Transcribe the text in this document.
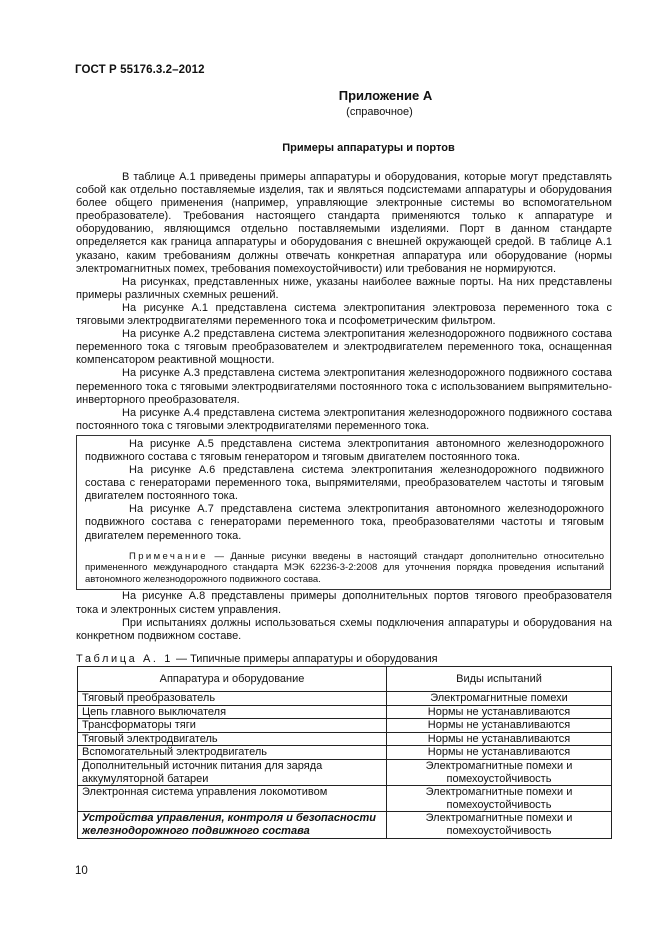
ГОСТ Р 55176.3.2–2012
Приложение А
(справочное)
Примеры аппаратуры и портов

В таблице А.1 приведены примеры аппаратуры и оборудования, которые могут представлять собой как отдельно поставляемые изделия, так и являться подсистемами аппаратуры и оборудования более общего применения (например, управляющие электронные системы во вспомогательном преобразователе). Требования настоящего стандарта применяются только к аппаратуре и оборудованию, являющимся отдельно поставляемыми изделиями. Порт в данном стандарте определяется как граница аппаратуры и оборудования с внешней окружающей средой. В таблице А.1 указано, каким требованиям должны отвечать конкретная аппаратура или оборудование (нормы электромагнитных помех, требования помехоустойчивости) или требования не нормируются.

На рисунках, представленных ниже, указаны наиболее важные порты. На них представлены примеры различных схемных решений.

На рисунке А.1 представлена система электропитания электровоза переменного тока с тяговыми электродвигателями переменного тока и псофометрическим фильтром.

На рисунке А.2 представлена система электропитания железнодорожного подвижного состава переменного тока с тяговым преобразователем и электродвигателем переменного тока, оснащенная компенсатором реактивной мощности.

На рисунке А.3 представлена система электропитания железнодорожного подвижного состава переменного тока с тяговыми электродвигателями постоянного тока с использованием выпрямительно- инверторного преобразователя.

На рисунке А.4 представлена система электропитания железнодорожного подвижного состава постоянного тока с тяговыми электродвигателями переменного тока.

На рисунке А.5 представлена система электропитания автономного железнодорожного подвижного состава с тяговым генератором и тяговым двигателем постоянного тока.

На рисунке А.6 представлена система электропитания железнодорожного подвижного состава с генераторами переменного тока, выпрямителями, преобразователем частоты и тяговым двигателем постоянного тока.

На рисунке А.7 представлена система электропитания автономного железнодорожного подвижного состава с генераторами переменного тока, преобразователями частоты и тяговым двигателем переменного тока.

Примечание — Данные рисунки введены в настоящий стандарт дополнительно относительно примененного международного стандарта МЭК 62236-3-2:2008 для уточнения порядка проведения испытаний автономного железнодорожного подвижного состава.

На рисунке А.8 представлены примеры дополнительных портов тягового преобразователя тока и электронных систем управления.

При испытаниях должны использоваться схемы подключения аппаратуры и оборудования на конкретном подвижном составе.

Таблица А. 1 — Типичные примеры аппаратуры и оборудования
Аппаратура и оборудование	Виды испытаний
Тяговый преобразователь	Электромагнитные помехи
Цепь главного выключателя	Нормы не устанавливаются
Трансформаторы тяги	Нормы не устанавливаются
Тяговый электродвигатель	Нормы не устанавливаются
Вспомогательный электродвигатель	Нормы не устанавливаются
Дополнительный источник питания для заряда аккумуляторной батареи	Электромагнитные помехи и помехоустойчивость
Электронная система управления локомотивом	Электромагнитные помехи и помехоустойчивость
Устройства управления, контроля и безопасности железнодорожного подвижного состава	Электромагнитные помехи и помехоустойчивость
10
